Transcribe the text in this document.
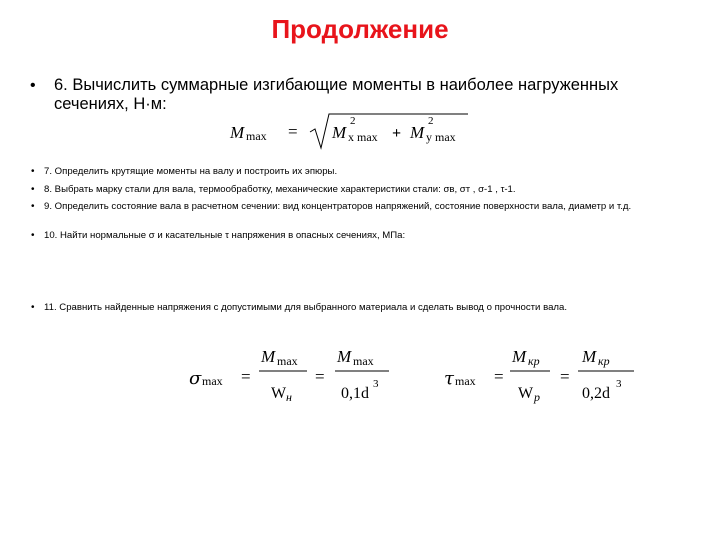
Продолжение
• 6. Вычислить суммарные изгибающие моменты в наиболее нагруженных сечениях, Н·м:
M max = M
2
x max + M
2
y max
• 7. Определить крутящие моменты на валу и построить их эпюры.
• 8. Выбрать марку стали для вала, термообработку, механические характеристики стали: σв, σт , σ-1 , τ-1.
• 9. Определить состояние вала в расчетном сечении: вид концентраторов напряжений, состояние поверхности вала, диаметр и т.д.
• 10. Найти нормальные σ и касательные τ напряжения в опасных сечениях, МПа:
• 11. Сравнить найденные напряжения с допустимыми для выбранного материала и сделать вывод о прочности вала.
σ max =
M max
W н
=
M max
0,1d
3	τ max =
M кр
W р
=
M кр
0,2d
3
